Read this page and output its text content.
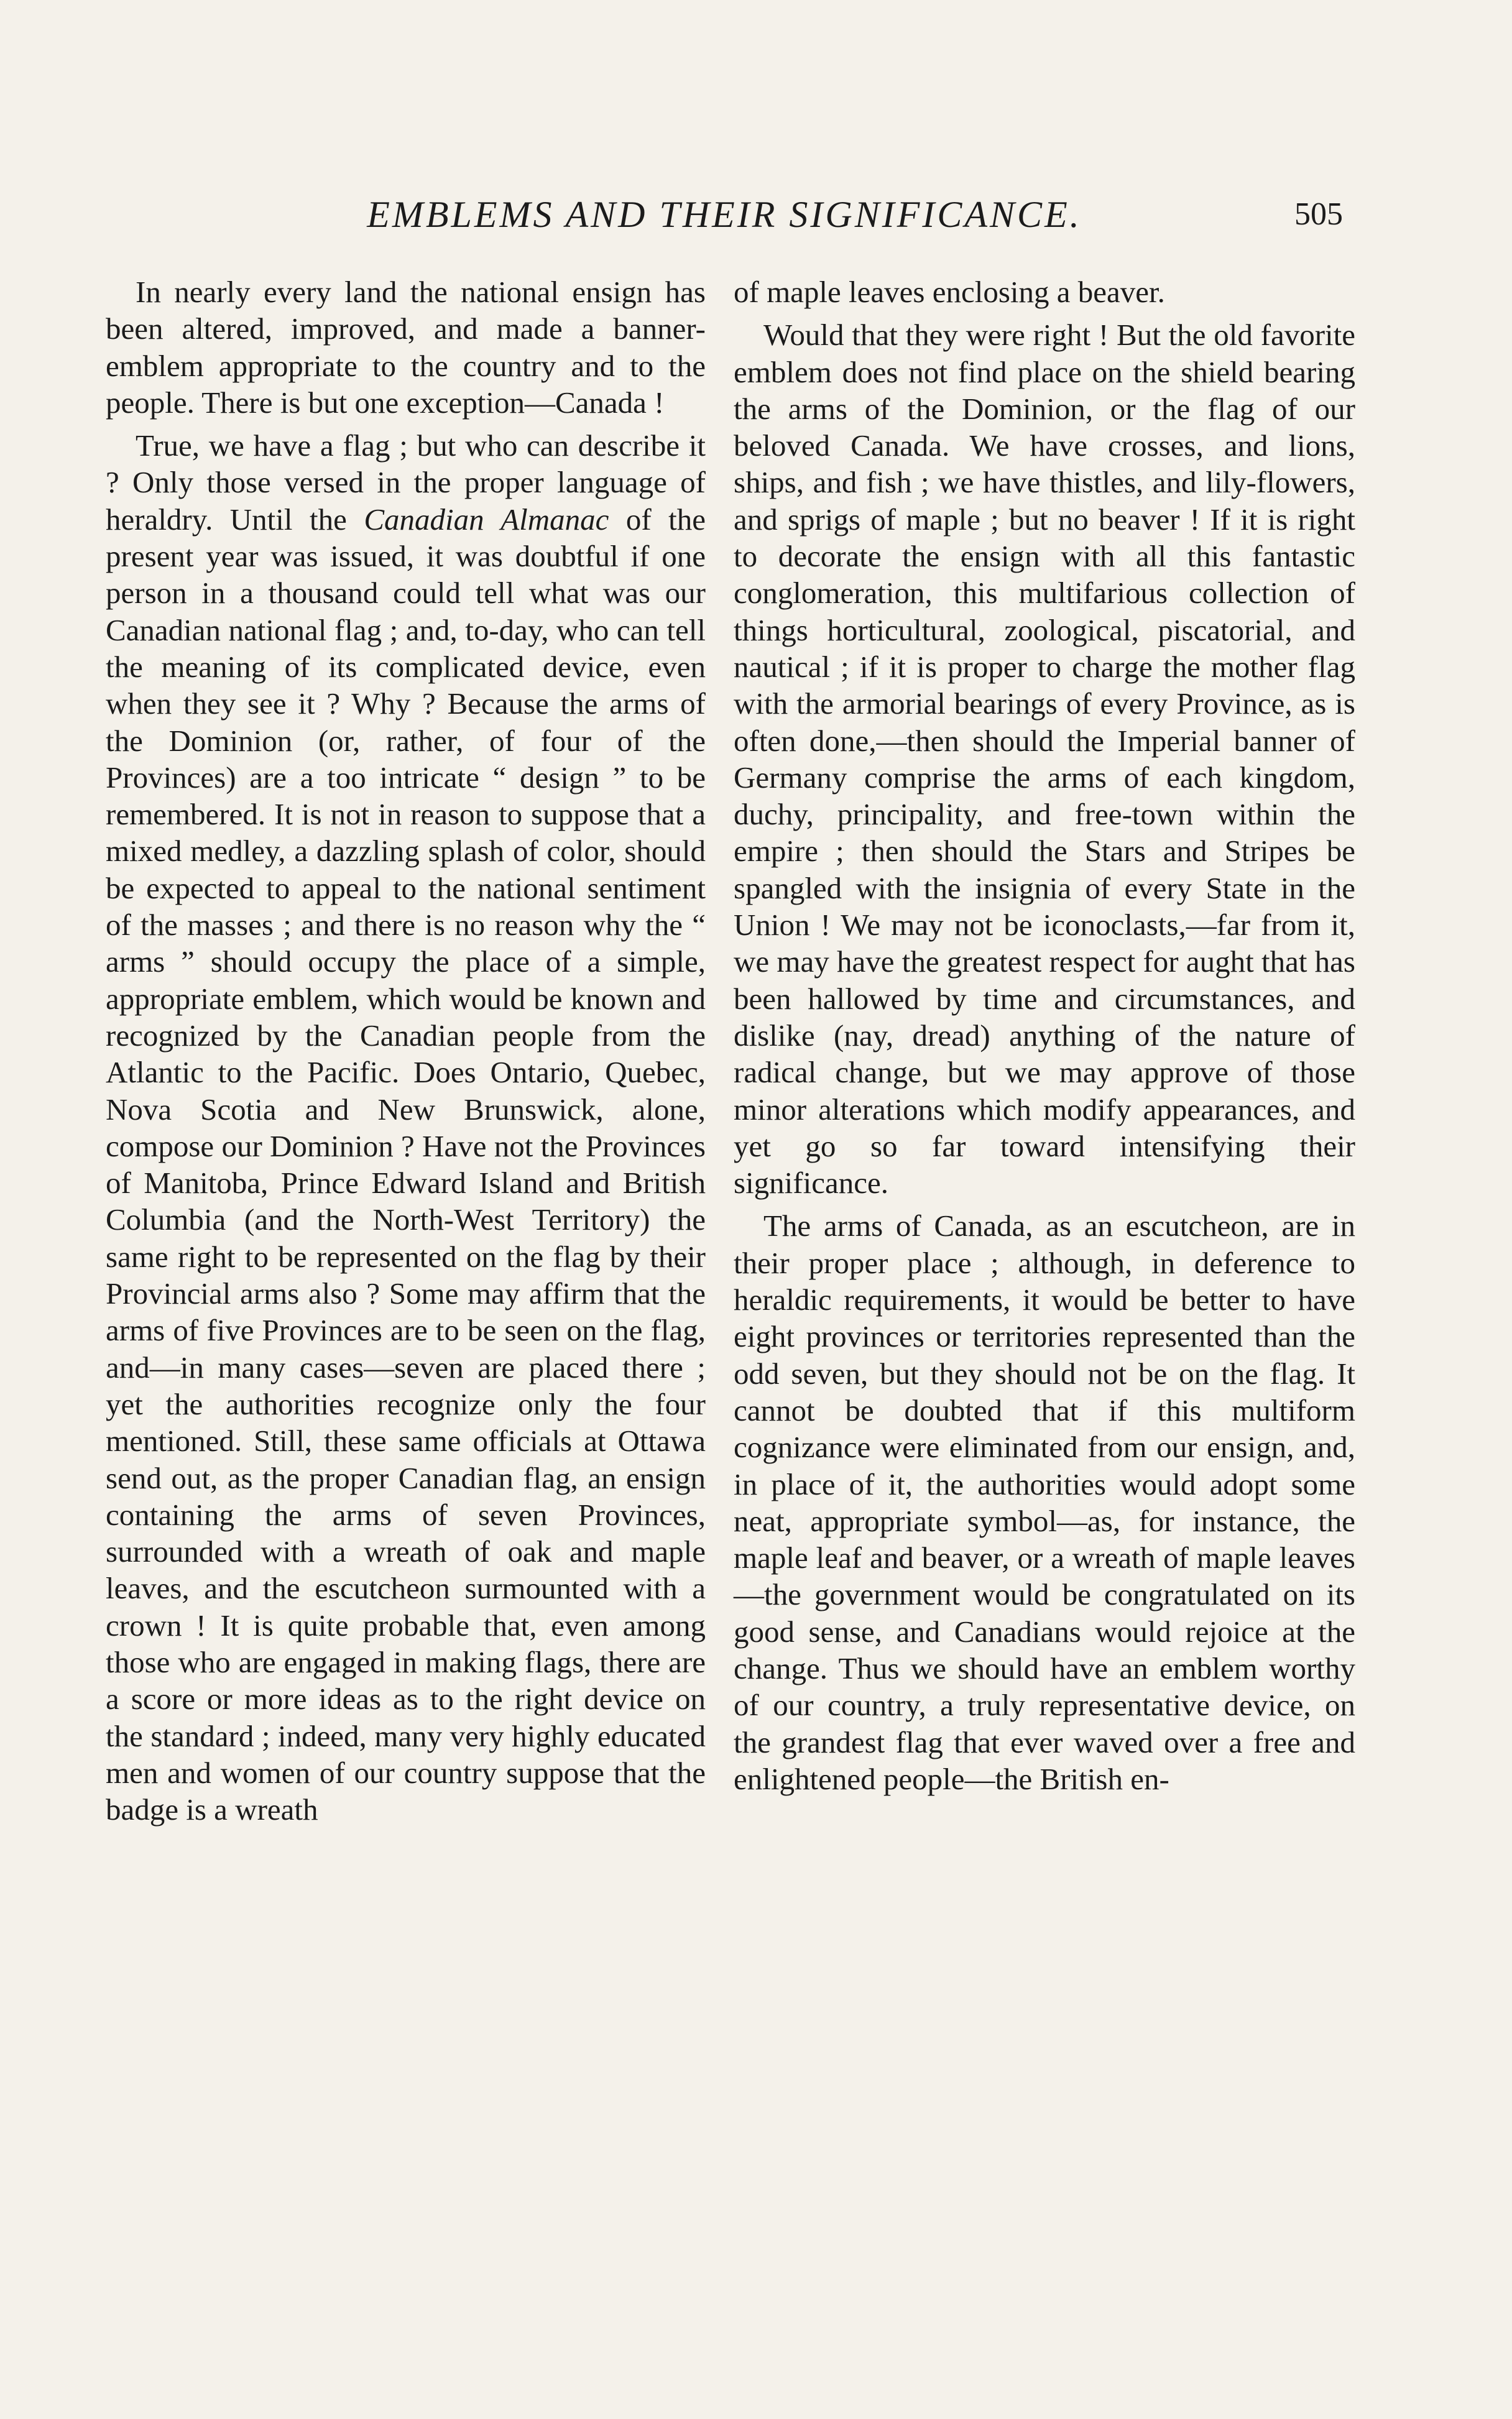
EMBLEMS AND THEIR SIGNIFICANCE.	505

In nearly every land the national ensign has been altered, improved, and made a banner-emblem appropriate to the country and to the people. There is but one exception—Canada !

True, we have a flag ; but who can describe it ? Only those versed in the proper language of heraldry. Until the Canadian Almanac of the present year was issued, it was doubtful if one person in a thousand could tell what was our Canadian national flag ; and, to-day, who can tell the meaning of its complicated device, even when they see it ? Why ? Because the arms of the Dominion (or, rather, of four of the Provinces) are a too intricate “ design ” to be remembered. It is not in reason to suppose that a mixed medley, a dazzling splash of color, should be expected to appeal to the national sentiment of the masses ; and there is no reason why the “ arms ” should occupy the place of a simple, appropriate emblem, which would be known and recognized by the Canadian people from the Atlantic to the Pacific. Does Ontario, Quebec, Nova Scotia and New Brunswick, alone, compose our Dominion ? Have not the Provinces of Manitoba, Prince Edward Island and British Columbia (and the North-West Territory) the same right to be represented on the flag by their Provincial arms also ? Some may affirm that the arms of five Provinces are to be seen on the flag, and—in many cases—seven are placed there ; yet the authorities recognize only the four mentioned. Still, these same officials at Ottawa send out, as the proper Canadian flag, an ensign containing the arms of seven Provinces, surrounded with a wreath of oak and maple leaves, and the escutcheon surmounted with a crown ! It is quite probable that, even among those who are engaged in making flags, there are a score or more ideas as to the right device on the standard ; indeed, many very highly educated men and women of our country suppose that the badge is a wreath

of maple leaves enclosing a beaver.

Would that they were right ! But the old favorite emblem does not find place on the shield bearing the arms of the Dominion, or the flag of our beloved Canada. We have crosses, and lions, ships, and fish ; we have thistles, and lily-flowers, and sprigs of maple ; but no beaver ! If it is right to decorate the ensign with all this fantastic conglomeration, this multifarious collection of things horticultural, zoological, piscatorial, and nautical ; if it is proper to charge the mother flag with the armorial bearings of every Province, as is often done,—then should the Imperial banner of Germany comprise the arms of each kingdom, duchy, principality, and free-town within the empire ; then should the Stars and Stripes be spangled with the insignia of every State in the Union ! We may not be iconoclasts,—far from it, we may have the greatest respect for aught that has been hallowed by time and circumstances, and dislike (nay, dread) anything of the nature of radical change, but we may approve of those minor alterations which modify appearances, and yet go so far toward intensifying their significance.

The arms of Canada, as an escutcheon, are in their proper place ; although, in deference to heraldic requirements, it would be better to have eight provinces or territories represented than the odd seven, but they should not be on the flag. It cannot be doubted that if this multiform cognizance were eliminated from our ensign, and, in place of it, the authorities would adopt some neat, appropriate symbol—as, for instance, the maple leaf and beaver, or a wreath of maple leaves—the government would be congratulated on its good sense, and Canadians would rejoice at the change. Thus we should have an emblem worthy of our country, a truly representative device, on the grandest flag that ever waved over a free and enlightened people—the British en-
